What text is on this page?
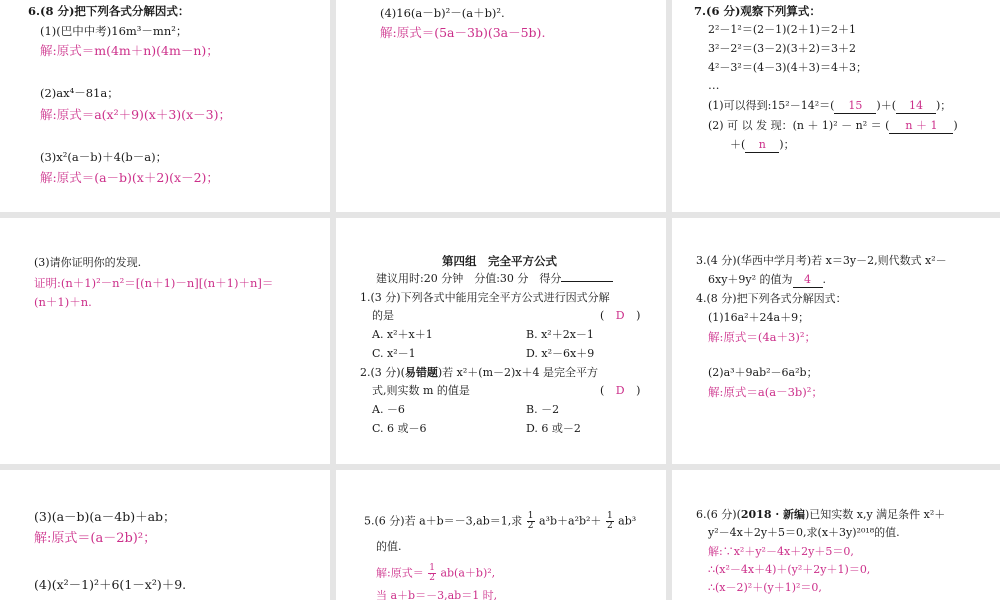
6.(8 分)把下列各式分解因式：
(1)(巴中中考)16m³－mn²；
解:原式＝m(4m＋n)(4m－n)；
(2)ax⁴－81a；
解:原式＝a(x²＋9)(x＋3)(x－3)；
(3)x²(a－b)＋4(b－a)；
解:原式＝(a－b)(x＋2)(x－2)；
(4)16(a－b)²－(a＋b)².
解:原式＝(5a－3b)(3a－5b).
7.(6 分)观察下列算式：
2²－1²＝(2－1)(2＋1)＝2＋1
3²－2²＝(3－2)(3＋2)＝3＋2
4²－3²＝(4－3)(4＋3)＝4＋3；
…
(1)可以得到:15²－14²＝( 15 )＋( 14 )；
(2) 可 以 发 现：(n ＋ 1)² － n² ＝ ( n ＋ 1 )
＋( n )；
(3)请你证明你的发现.
证明:(n＋1)²－n²＝[(n＋1)－n][(n＋1)＋n]＝
(n＋1)＋n.
第四组　完全平方公式
建议用时:20 分钟　分值:30 分　得分
1.(3 分)下列各式中能用完全平方公式进行因式分解
的是	( D )
A. x²＋x＋1	B. x²＋2x－1
C. x²－1	D. x²－6x＋9
2.(3 分)(易错题)若 x²＋(m－2)x＋4 是完全平方
式,则实数 m 的值是	( D )
A. －6	B. －2
C. 6 或－6	D. 6 或－2
3.(4 分)(华西中学月考)若 x＝3y－2,则代数式 x²－
6xy＋9y² 的值为 4 .
4.(8 分)把下列各式分解因式：
(1)16a²＋24a＋9；
解:原式＝(4a＋3)²；
(2)a³＋9ab²－6a²b；
解:原式＝a(a－3b)²；
(3)(a－b)(a－4b)＋ab；
解:原式＝(a－2b)²；
(4)(x²－1)²＋6(1－x²)＋9.
5.(6 分)若 a＋b＝－3,ab＝1,求 $\frac{1}{2} a^3b+a^2b^2+ \frac{1}{2} ab^3$
的值.
解:原式＝ $\frac{1}{2} ab(a+b)^2$,
当 a＋b＝－3,ab＝1 时,
6.(6 分)(2018 · 新编)已知实数 x,y 满足条件 x²＋
y²－4x＋2y＋5＝0,求(x＋3y)²⁰¹⁸的值.
解:∵x²＋y²－4x＋2y＋5＝0,
∴(x²－4x＋4)＋(y²＋2y＋1)＝0,
∴(x－2)²＋(y＋1)²＝0,
